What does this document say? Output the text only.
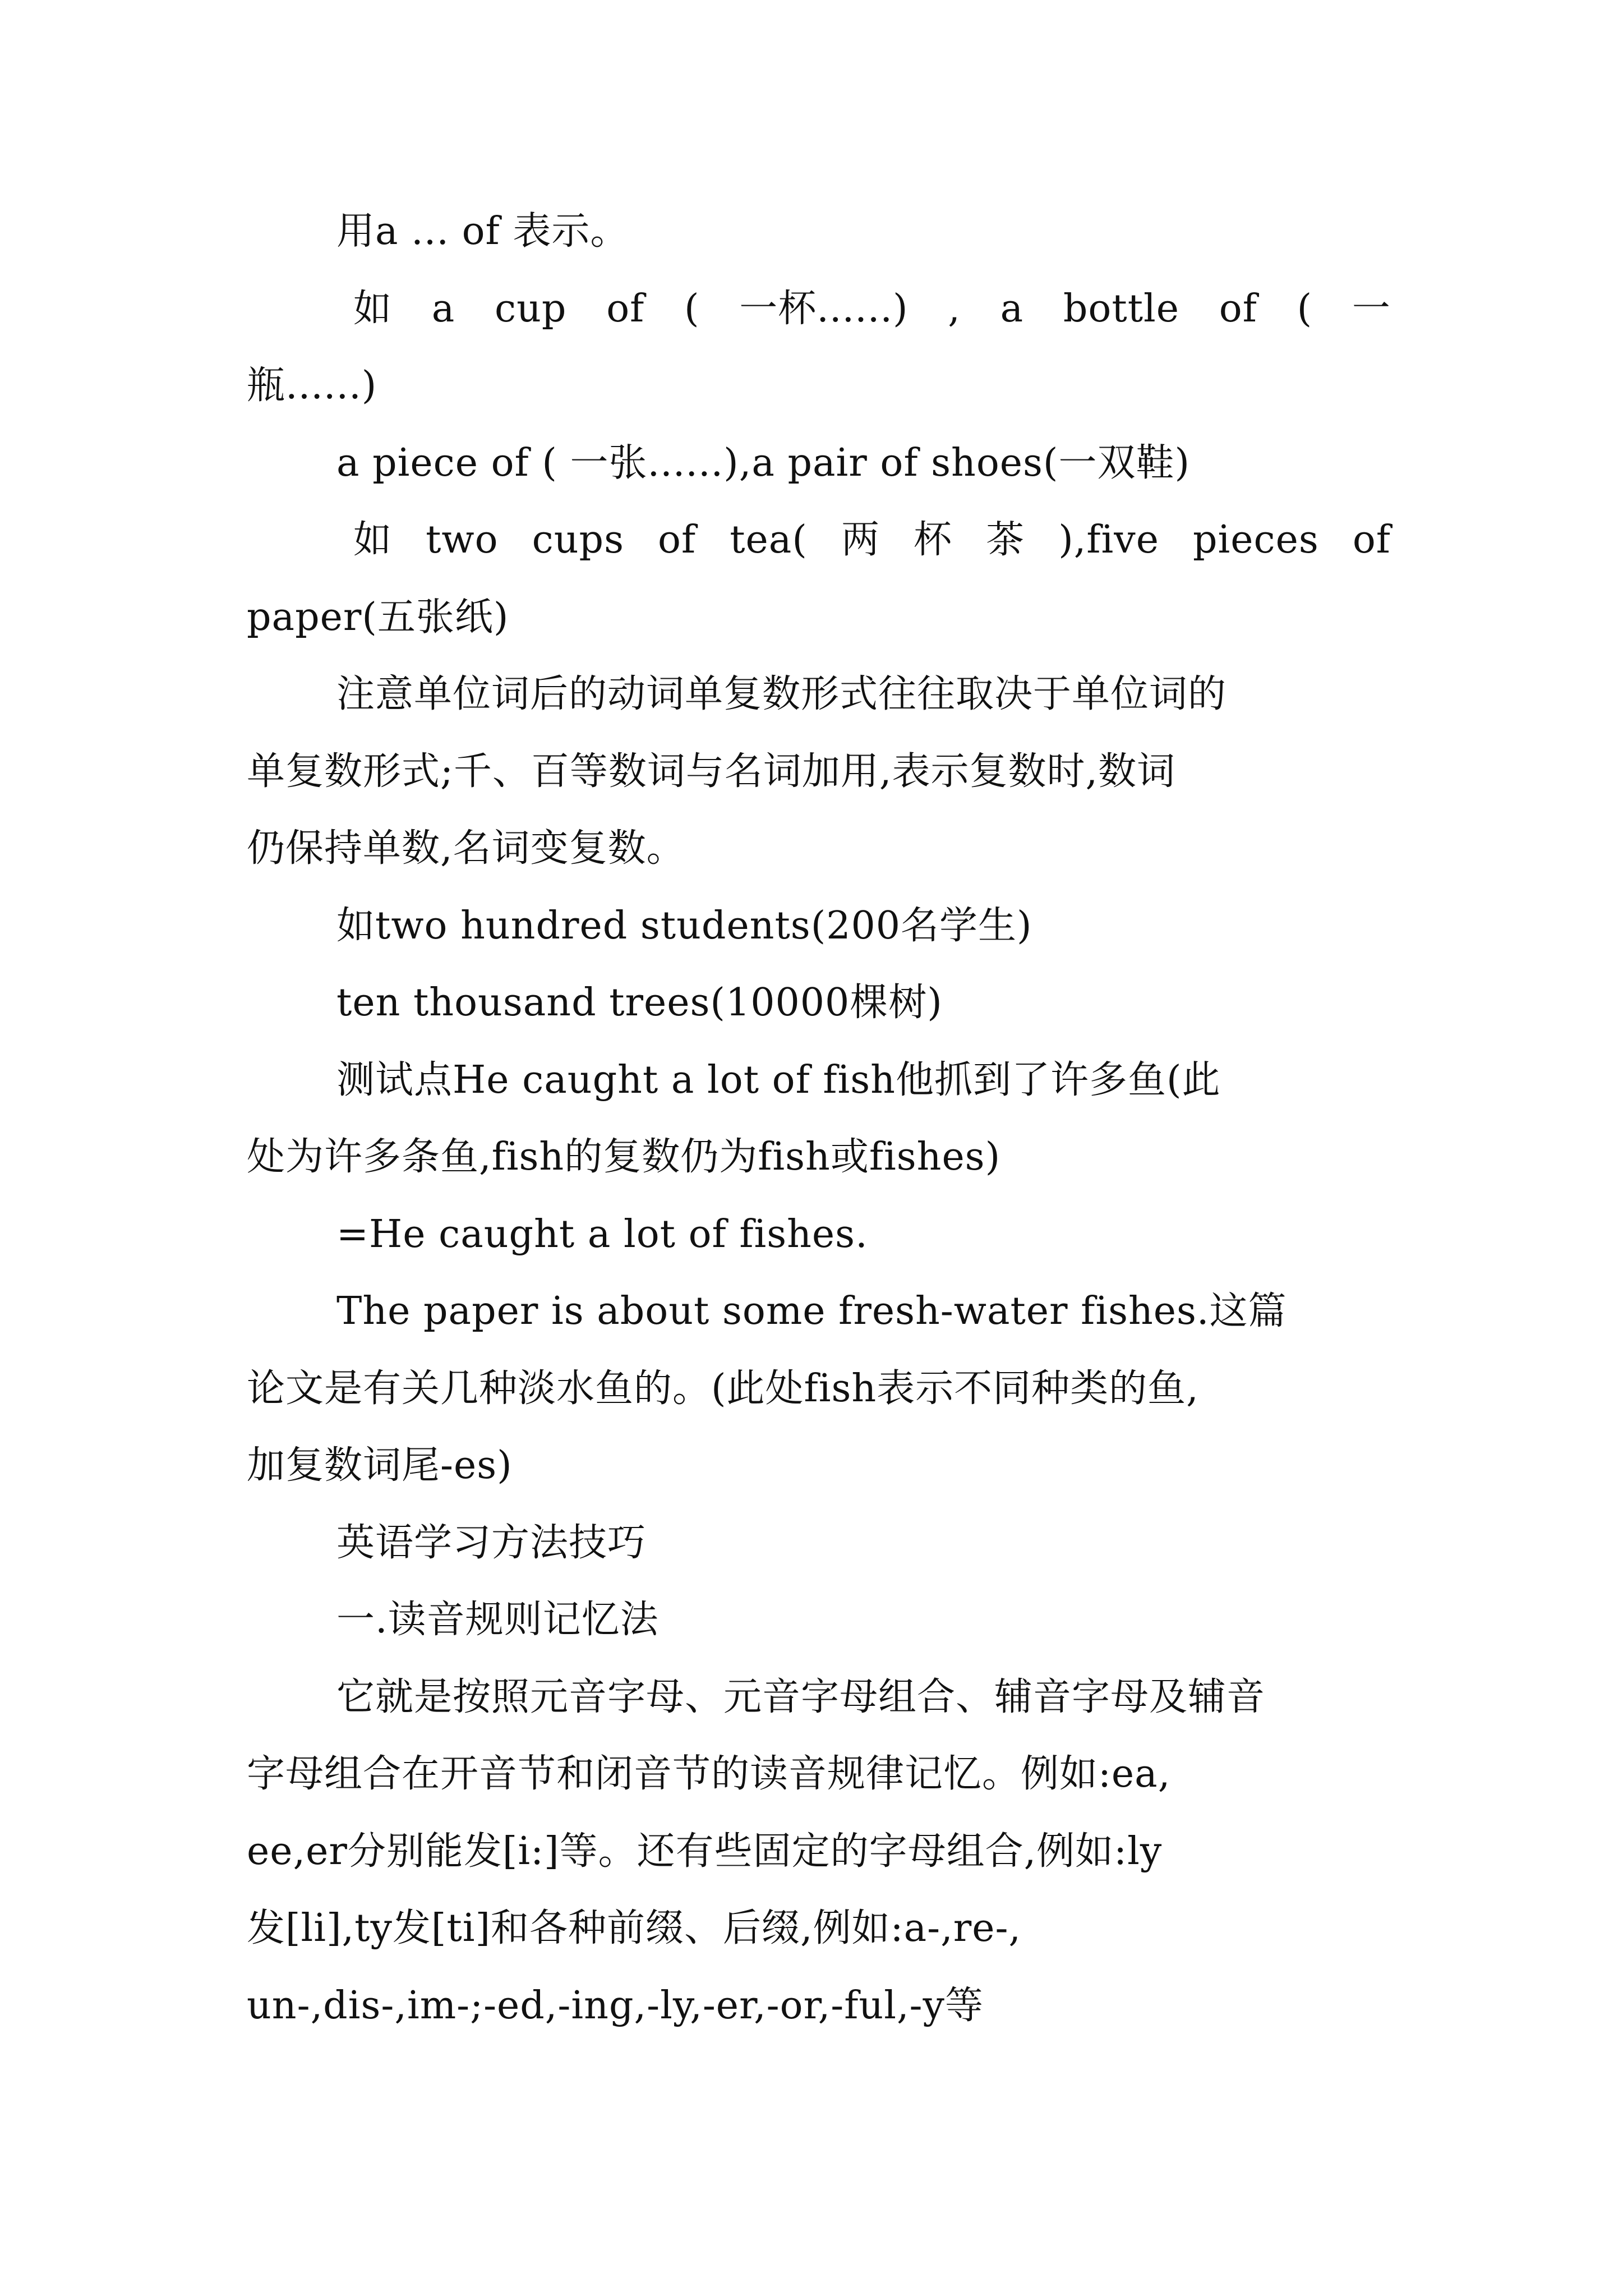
用a ... of 表示。
如 a cup of ( 一杯......) , a bottle of ( 一
瓶......)
a piece of ( 一张......),a pair of shoes(一双鞋)
如 two cups of tea( 两 杯 茶 ),five pieces of
paper(五张纸)
注意单位词后的动词单复数形式往往取决于单位词的
单复数形式;千、百等数词与名词加用,表示复数时,数词
仍保持单数,名词变复数。
如two hundred students(200名学生)
ten thousand trees(10000棵树)
测试点He caught a lot of fish他抓到了许多鱼(此
处为许多条鱼,fish的复数仍为fish或fishes)
=He caught a lot of fishes.
The paper is about some fresh-water fishes.这篇
论文是有关几种淡水鱼的。(此处fish表示不同种类的鱼,
加复数词尾-es)
英语学习方法技巧
一.读音规则记忆法
它就是按照元音字母、元音字母组合、辅音字母及辅音
字母组合在开音节和闭音节的读音规律记忆。例如:ea,
ee,er分别能发[i:]等。还有些固定的字母组合,例如:ly
发[li],ty发[ti]和各种前缀、后缀,例如:a-,re-,
un-,dis-,im-;-ed,-ing,-ly,-er,-or,-ful,-y等
